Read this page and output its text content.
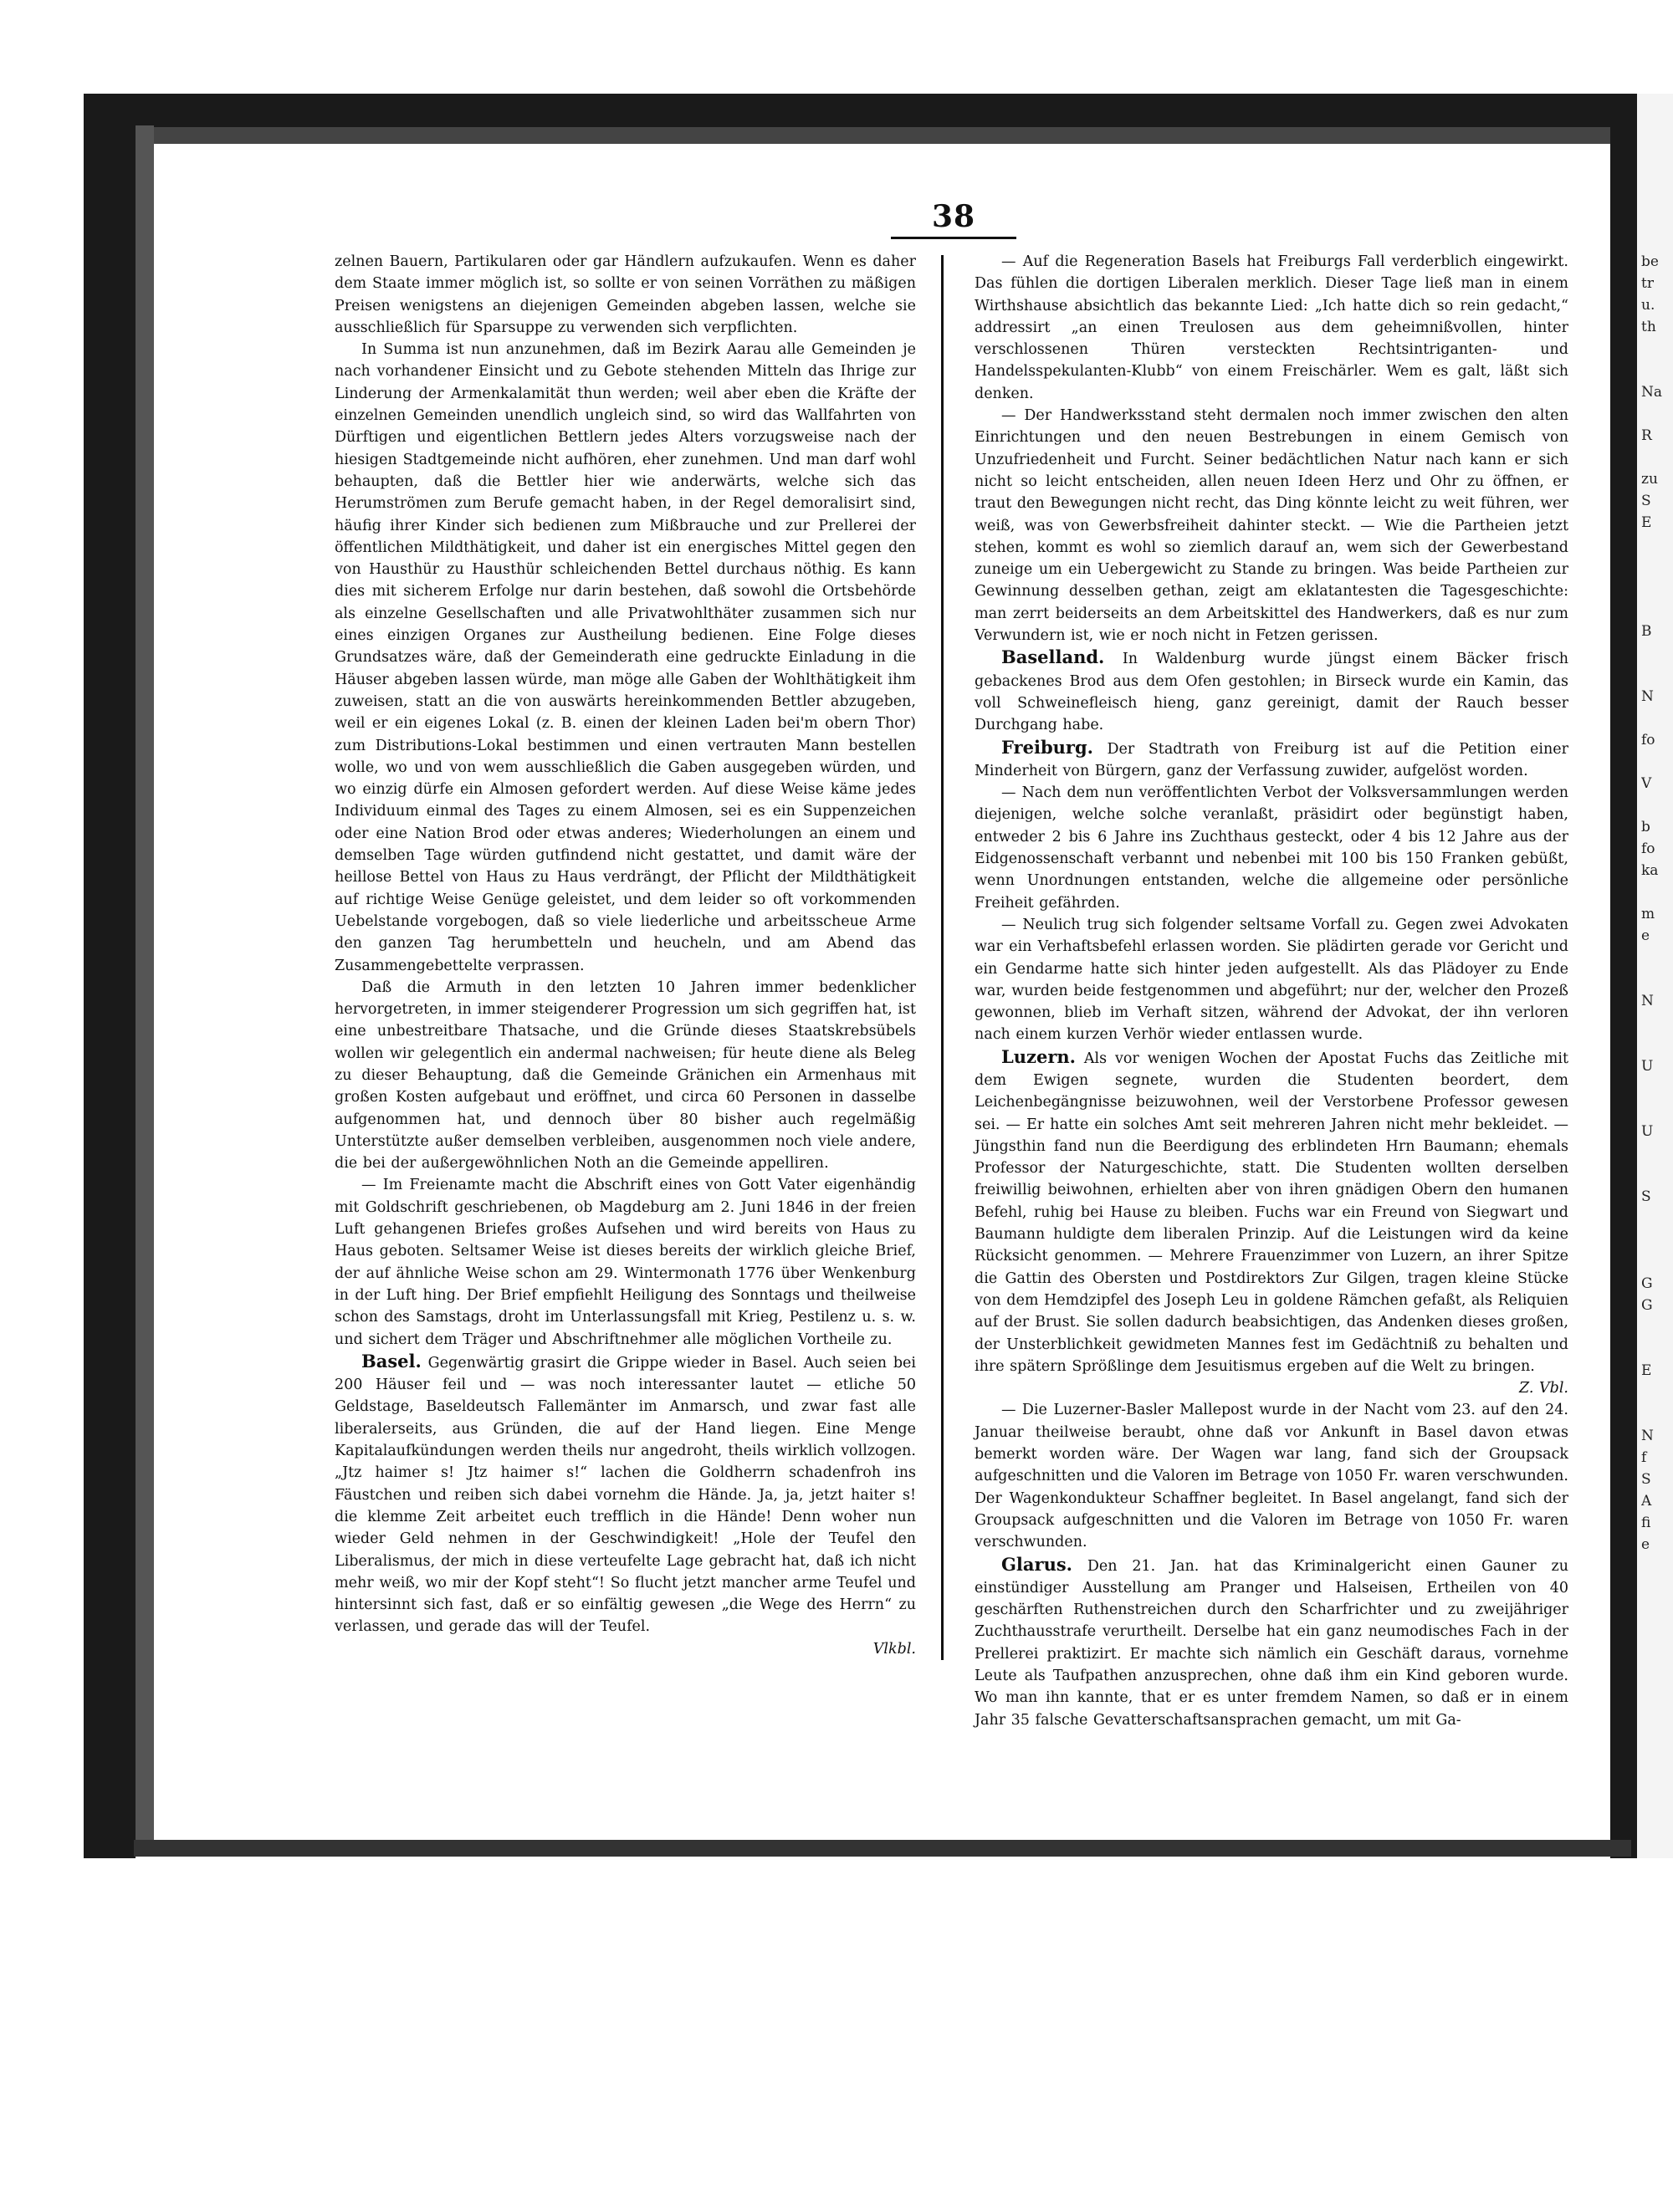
38

zelnen Bauern, Partikularen oder gar Händlern aufzukaufen. Wenn es daher dem Staate immer möglich ist, so sollte er von seinen Vorräthen zu mäßigen Preisen wenigstens an diejenigen Gemeinden abgeben lassen, welche sie ausschließlich für Sparsuppe zu verwenden sich verpflichten.

In Summa ist nun anzunehmen, daß im Bezirk Aarau alle Gemeinden je nach vorhandener Einsicht und zu Gebote stehenden Mitteln das Ihrige zur Linderung der Armenkalamität thun werden; weil aber eben die Kräfte der einzelnen Gemeinden unendlich ungleich sind, so wird das Wallfahrten von Dürftigen und eigentlichen Bettlern jedes Alters vorzugsweise nach der hiesigen Stadtgemeinde nicht aufhören, eher zunehmen. Und man darf wohl behaupten, daß die Bettler hier wie anderwärts, welche sich das Herumströmen zum Berufe gemacht haben, in der Regel demoralisirt sind, häufig ihrer Kinder sich bedienen zum Mißbrauche und zur Prellerei der öffentlichen Mildthätigkeit, und daher ist ein energisches Mittel gegen den von Hausthür zu Hausthür schleichenden Bettel durchaus nöthig. Es kann dies mit sicherem Erfolge nur darin bestehen, daß sowohl die Ortsbehörde als einzelne Gesellschaften und alle Privatwohlthäter zusammen sich nur eines einzigen Organes zur Austheilung bedienen. Eine Folge dieses Grundsatzes wäre, daß der Gemeinderath eine gedruckte Einladung in die Häuser abgeben lassen würde, man möge alle Gaben der Wohlthätigkeit ihm zuweisen, statt an die von auswärts hereinkommenden Bettler abzugeben, weil er ein eigenes Lokal (z. B. einen der kleinen Laden bei'm obern Thor) zum Distributions-Lokal bestimmen und einen vertrauten Mann bestellen wolle, wo und von wem ausschließlich die Gaben ausgegeben würden, und wo einzig dürfe ein Almosen gefordert werden. Auf diese Weise käme jedes Individuum einmal des Tages zu einem Almosen, sei es ein Suppenzeichen oder eine Nation Brod oder etwas anderes; Wiederholungen an einem und demselben Tage würden gutfindend nicht gestattet, und damit wäre der heillose Bettel von Haus zu Haus verdrängt, der Pflicht der Mildthätigkeit auf richtige Weise Genüge geleistet, und dem leider so oft vorkommenden Uebelstande vorgebogen, daß so viele liederliche und arbeitsscheue Arme den ganzen Tag herumbetteln und heucheln, und am Abend das Zusammengebettelte verprassen.

Daß die Armuth in den letzten 10 Jahren immer bedenklicher hervorgetreten, in immer steigenderer Progression um sich gegriffen hat, ist eine unbestreitbare Thatsache, und die Gründe dieses Staatskrebsübels wollen wir gelegentlich ein andermal nachweisen; für heute diene als Beleg zu dieser Behauptung, daß die Gemeinde Gränichen ein Armenhaus mit großen Kosten aufgebaut und eröffnet, und circa 60 Personen in dasselbe aufgenommen hat, und dennoch über 80 bisher auch regelmäßig Unterstützte außer demselben verbleiben, ausgenommen noch viele andere, die bei der außergewöhnlichen Noth an die Gemeinde appelliren.

— Im Freienamte macht die Abschrift eines von Gott Vater eigenhändig mit Goldschrift geschriebenen, ob Magdeburg am 2. Juni 1846 in der freien Luft gehangenen Briefes großes Aufsehen und wird bereits von Haus zu Haus geboten. Seltsamer Weise ist dieses bereits der wirklich gleiche Brief, der auf ähnliche Weise schon am 29. Wintermonath 1776 über Wenkenburg in der Luft hing. Der Brief empfiehlt Heiligung des Sonntags und theilweise schon des Samstags, droht im Unterlassungsfall mit Krieg, Pestilenz u. s. w. und sichert dem Träger und Abschriftnehmer alle möglichen Vortheile zu.

Basel. Gegenwärtig grasirt die Grippe wieder in Basel. Auch seien bei 200 Häuser feil und — was noch interessanter lautet — etliche 50 Geldstage, Baseldeutsch Fallemänter im Anmarsch, und zwar fast alle liberalerseits, aus Gründen, die auf der Hand liegen. Eine Menge Kapitalaufkündungen werden theils nur angedroht, theils wirklich vollzogen. „Jtz haimer s! Jtz haimer s!“ lachen die Goldherrn schadenfroh ins Fäustchen und reiben sich dabei vornehm die Hände. Ja, ja, jetzt haiter s! die klemme Zeit arbeitet euch trefflich in die Hände! Denn woher nun wieder Geld nehmen in der Geschwindigkeit! „Hole der Teufel den Liberalismus, der mich in diese verteufelte Lage gebracht hat, daß ich nicht mehr weiß, wo mir der Kopf steht“! So flucht jetzt mancher arme Teufel und hintersinnt sich fast, daß er so einfältig gewesen „die Wege des Herrn“ zu verlassen, und gerade das will der Teufel.

Vlkbl.

— Auf die Regeneration Basels hat Freiburgs Fall verderblich eingewirkt. Das fühlen die dortigen Liberalen merklich. Dieser Tage ließ man in einem Wirthshause absichtlich das bekannte Lied: „Ich hatte dich so rein gedacht,“ addressirt „an einen Treulosen aus dem geheimnißvollen, hinter verschlossenen Thüren versteckten Rechtsintriganten- und Handelsspekulanten-Klubb“ von einem Freischärler. Wem es galt, läßt sich denken.

— Der Handwerksstand steht dermalen noch immer zwischen den alten Einrichtungen und den neuen Bestrebungen in einem Gemisch von Unzufriedenheit und Furcht. Seiner bedächtlichen Natur nach kann er sich nicht so leicht entscheiden, allen neuen Ideen Herz und Ohr zu öffnen, er traut den Bewegungen nicht recht, das Ding könnte leicht zu weit führen, wer weiß, was von Gewerbsfreiheit dahinter steckt. — Wie die Partheien jetzt stehen, kommt es wohl so ziemlich darauf an, wem sich der Gewerbestand zuneige um ein Uebergewicht zu Stande zu bringen. Was beide Partheien zur Gewinnung desselben gethan, zeigt am eklatantesten die Tagesgeschichte: man zerrt beiderseits an dem Arbeitskittel des Handwerkers, daß es nur zum Verwundern ist, wie er noch nicht in Fetzen gerissen.

Baselland. In Waldenburg wurde jüngst einem Bäcker frisch gebackenes Brod aus dem Ofen gestohlen; in Birseck wurde ein Kamin, das voll Schweinefleisch hieng, ganz gereinigt, damit der Rauch besser Durchgang habe.

Freiburg. Der Stadtrath von Freiburg ist auf die Petition einer Minderheit von Bürgern, ganz der Verfassung zuwider, aufgelöst worden.

— Nach dem nun veröffentlichten Verbot der Volksversammlungen werden diejenigen, welche solche veranlaßt, präsidirt oder begünstigt haben, entweder 2 bis 6 Jahre ins Zuchthaus gesteckt, oder 4 bis 12 Jahre aus der Eidgenossenschaft verbannt und nebenbei mit 100 bis 150 Franken gebüßt, wenn Unordnungen entstanden, welche die allgemeine oder persönliche Freiheit gefährden.

— Neulich trug sich folgender seltsame Vorfall zu. Gegen zwei Advokaten war ein Verhaftsbefehl erlassen worden. Sie plädirten gerade vor Gericht und ein Gendarme hatte sich hinter jeden aufgestellt. Als das Plädoyer zu Ende war, wurden beide festgenommen und abgeführt; nur der, welcher den Prozeß gewonnen, blieb im Verhaft sitzen, während der Advokat, der ihn verloren nach einem kurzen Verhör wieder entlassen wurde.

Luzern. Als vor wenigen Wochen der Apostat Fuchs das Zeitliche mit dem Ewigen segnete, wurden die Studenten beordert, dem Leichenbegängnisse beizuwohnen, weil der Verstorbene Professor gewesen sei. — Er hatte ein solches Amt seit mehreren Jahren nicht mehr bekleidet. — Jüngsthin fand nun die Beerdigung des erblindeten Hrn Baumann; ehemals Professor der Naturgeschichte, statt. Die Studenten wollten derselben freiwillig beiwohnen, erhielten aber von ihren gnädigen Obern den humanen Befehl, ruhig bei Hause zu bleiben. Fuchs war ein Freund von Siegwart und Baumann huldigte dem liberalen Prinzip. Auf die Leistungen wird da keine Rücksicht genommen. — Mehrere Frauenzimmer von Luzern, an ihrer Spitze die Gattin des Obersten und Postdirektors Zur Gilgen, tragen kleine Stücke von dem Hemdzipfel des Joseph Leu in goldene Rämchen gefaßt, als Reliquien auf der Brust. Sie sollen dadurch beabsichtigen, das Andenken dieses großen, der Unsterblichkeit gewidmeten Mannes fest im Gedächtniß zu behalten und ihre spätern Sprößlinge dem Jesuitismus ergeben auf die Welt zu bringen.

Z. Vbl.

— Die Luzerner-Basler Mallepost wurde in der Nacht vom 23. auf den 24. Januar theilweise beraubt, ohne daß vor Ankunft in Basel davon etwas bemerkt worden wäre. Der Wagen war lang, fand sich der Groupsack aufgeschnitten und die Valoren im Betrage von 1050 Fr. waren verschwunden. Der Wagenkondukteur Schaffner begleitet. In Basel angelangt, fand sich der Groupsack aufgeschnitten und die Valoren im Betrage von 1050 Fr. waren verschwunden.

Glarus. Den 21. Jan. hat das Kriminalgericht einen Gauner zu einstündiger Ausstellung am Pranger und Halseisen, Ertheilen von 40 geschärften Ruthenstreichen durch den Scharfrichter und zu zweijähriger Zuchthausstrafe verurtheilt. Derselbe hat ein ganz neumodisches Fach in der Prellerei praktizirt. Er machte sich nämlich ein Geschäft daraus, vornehme Leute als Taufpathen anzusprechen, ohne daß ihm ein Kind geboren wurde. Wo man ihn kannte, that er es unter fremdem Namen, so daß er in einem Jahr 35 falsche Gevatterschaftsansprachen gemacht, um mit Ga-

be
tr
u.
th

Na

R

zu
S
E

B

N

fo

V

b
fo
ka

m
e

N

U

U

S

G
G

E

N
f
S
A
fi
e
